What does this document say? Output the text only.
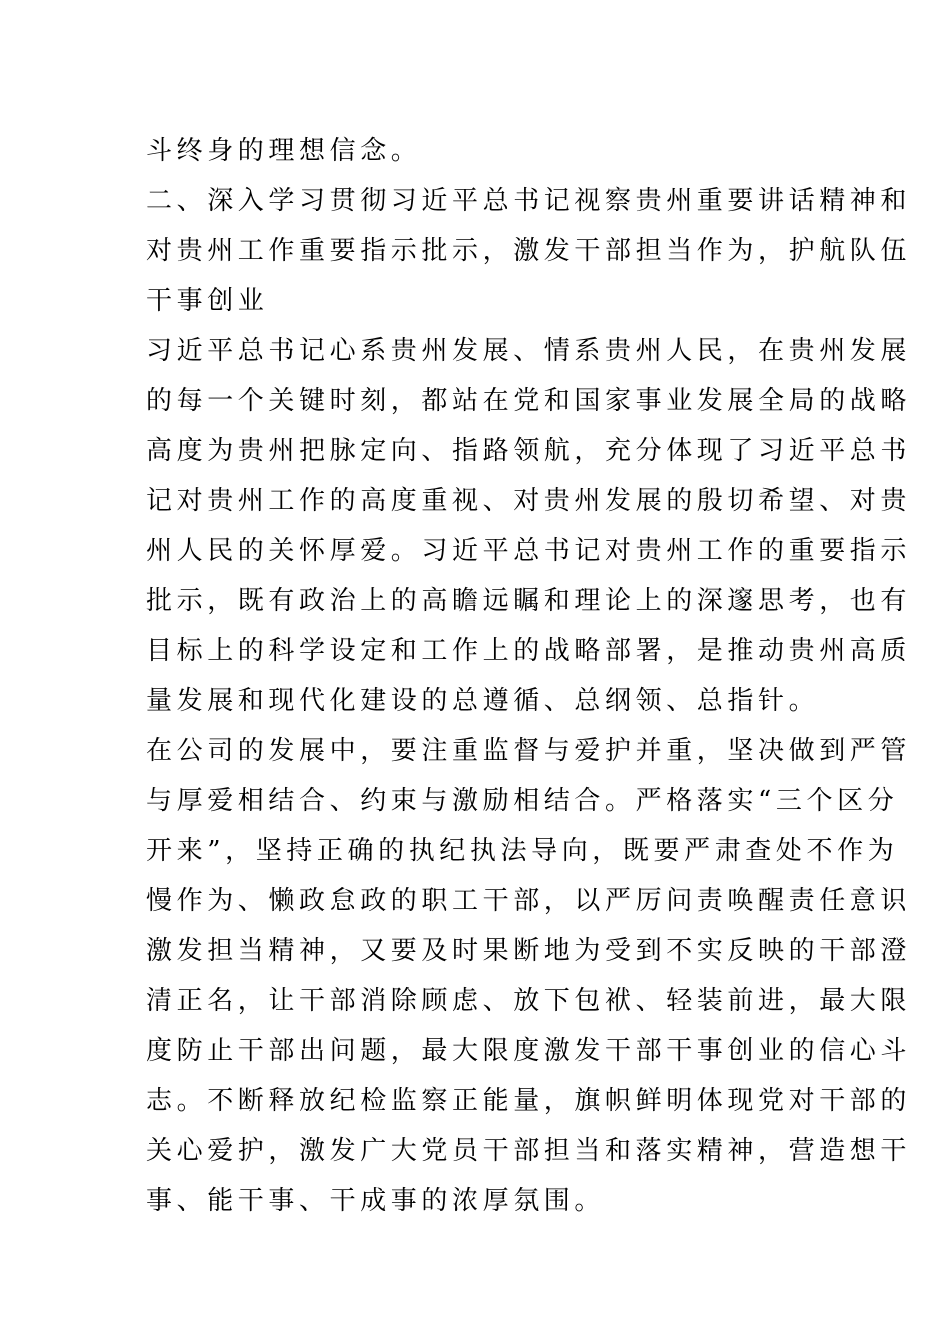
斗终身的理想信念。
二、深入学习贯彻习近平总书记视察贵州重要讲话精神和
对贵州工作重要指示批示，激发干部担当作为，护航队伍
干事创业
习近平总书记心系贵州发展、情系贵州人民，在贵州发展
的每一个关键时刻，都站在党和国家事业发展全局的战略
高度为贵州把脉定向、指路领航，充分体现了习近平总书
记对贵州工作的高度重视、对贵州发展的殷切希望、对贵
州人民的关怀厚爱。习近平总书记对贵州工作的重要指示
批示，既有政治上的高瞻远瞩和理论上的深邃思考，也有
目标上的科学设定和工作上的战略部署，是推动贵州高质
量发展和现代化建设的总遵循、总纲领、总指针。
在公司的发展中，要注重监督与爱护并重，坚决做到严管
与厚爱相结合、约束与激励相结合。严格落实“三个区分
开来”，坚持正确的执纪执法导向，既要严肃查处不作为
慢作为、懒政怠政的职工干部，以严厉问责唤醒责任意识
激发担当精神，又要及时果断地为受到不实反映的干部澄
清正名，让干部消除顾虑、放下包袱、轻装前进，最大限
度防止干部出问题，最大限度激发干部干事创业的信心斗
志。不断释放纪检监察正能量，旗帜鲜明体现党对干部的
关心爱护，激发广大党员干部担当和落实精神，营造想干
事、能干事、干成事的浓厚氛围。
